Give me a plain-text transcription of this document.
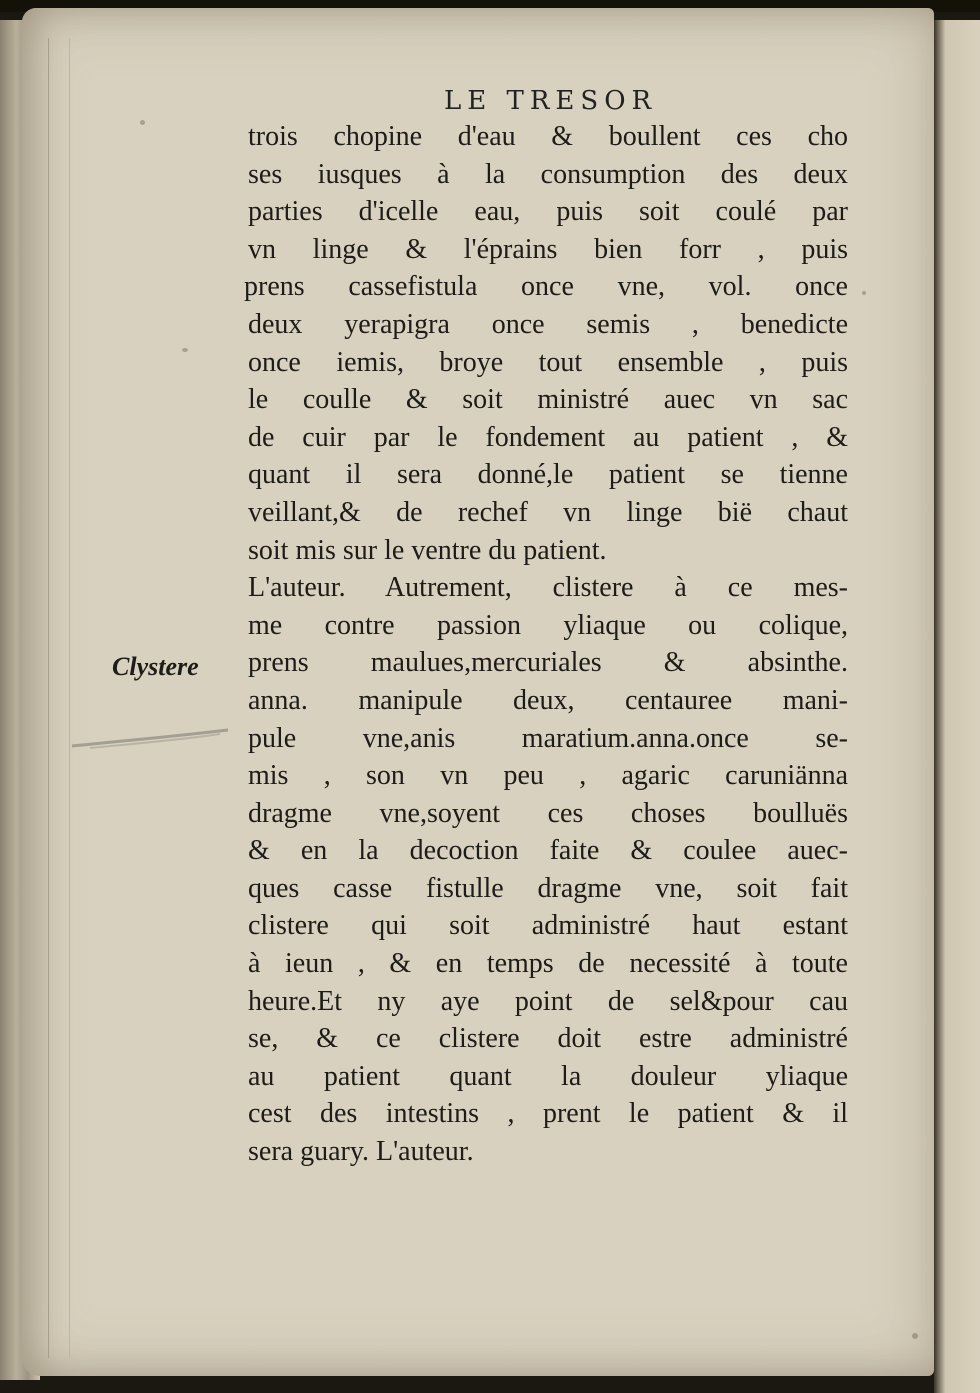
LE TRESOR
Clystere
trois chopine d'eau & boullent ces cho
ses iusques à la consumption des deux
parties d'icelle eau, puis soit coulé par
vn linge & l'éprains bien forr , puis
prens cassefistula once vne, vol. once
deux yerapigra once semis , benedicte
once iemis, broye tout ensemble , puis
le coulle & soit ministré auec vn sac
de cuir par le fondement au patient , &
quant il sera donné,le patient se tienne
veillant,& de rechef vn linge bië chaut
soit mis sur le ventre du patient.
L'auteur. Autrement, clistere à ce mes-
me contre passion yliaque ou colique,
prens maulues,mercuriales & absinthe.
anna. manipule deux, centauree mani-
pule vne,anis maratium.anna.once se-
mis , son vn peu , agaric caruniänna
dragme vne,soyent ces choses boulluës
& en la decoction faite & coulee auec-
ques casse fistulle dragme vne, soit fait
clistere qui soit administré haut estant
à ieun , & en temps de necessité à toute
heure.Et ny aye point de sel&pour cau
se, & ce clistere doit estre administré
au patient quant la douleur yliaque
cest des intestins , prent le patient & il
sera guary. L'auteur.
